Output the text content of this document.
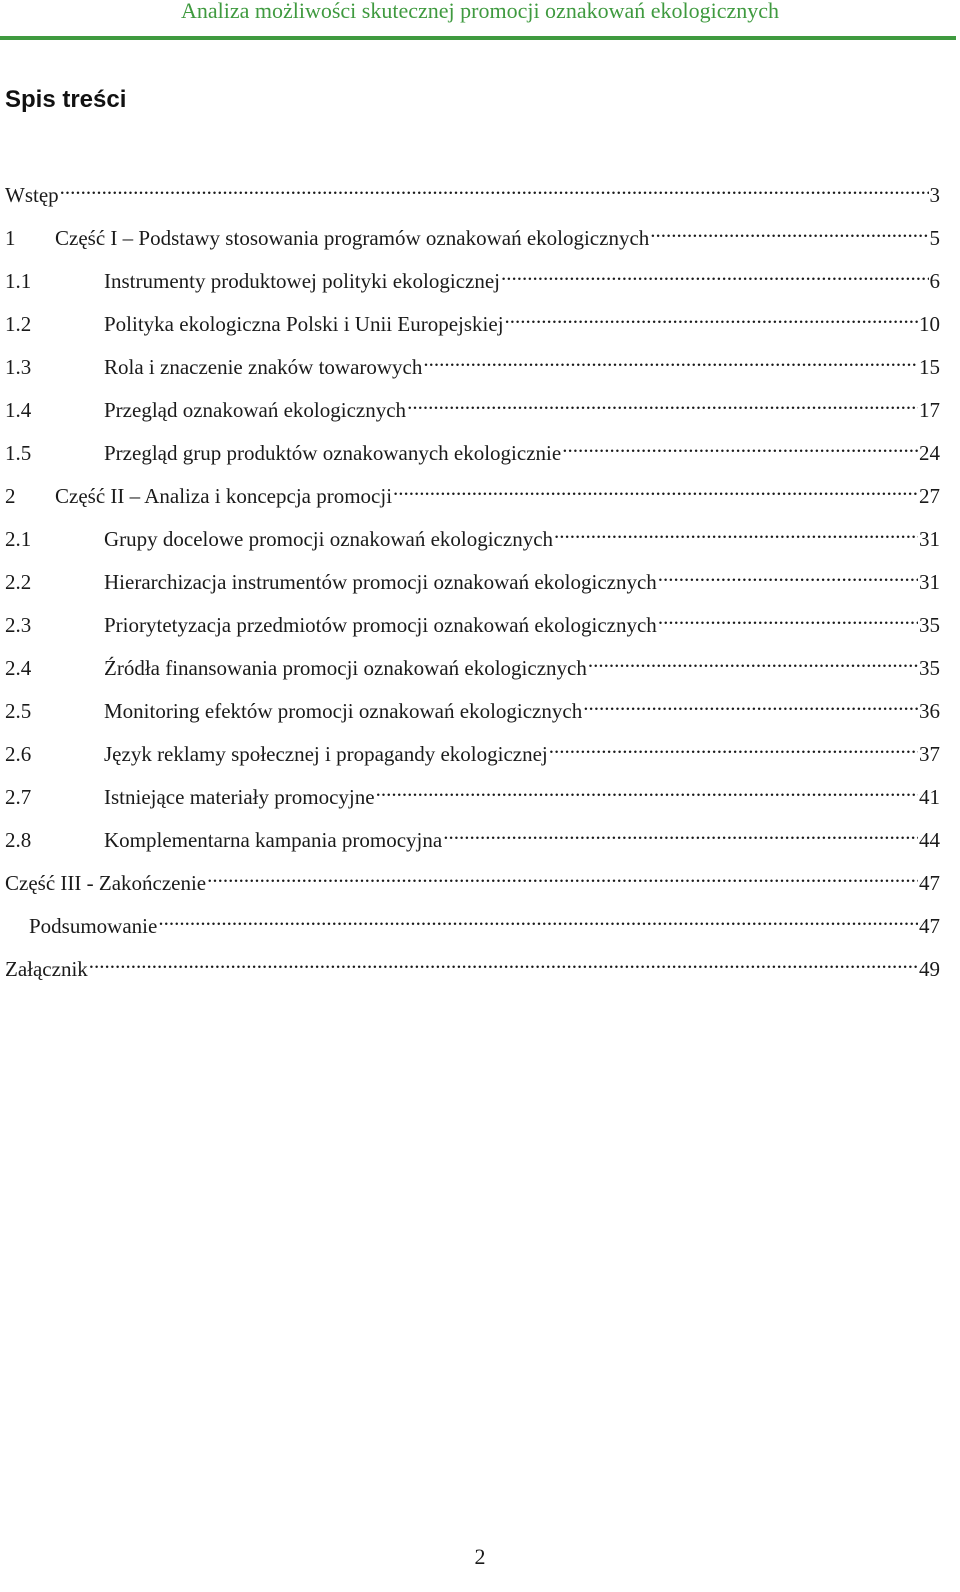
Analiza możliwości skutecznej promocji oznakowań ekologicznych
Spis treści
Wstęp .....	3
1	Część I – Podstawy stosowania programów oznakowań ekologicznych .....	5
1.1	Instrumenty produktowej polityki ekologicznej .....	6
1.2	Polityka ekologiczna Polski i Unii Europejskiej .....	10
1.3	Rola i znaczenie znaków towarowych .....	15
1.4	Przegląd oznakowań ekologicznych .....	17
1.5	Przegląd grup produktów oznakowanych ekologicznie .....	24
2	Część II – Analiza i koncepcja promocji .....	27
2.1	Grupy docelowe promocji oznakowań ekologicznych .....	31
2.2	Hierarchizacja instrumentów promocji oznakowań ekologicznych .....	31
2.3	Priorytetyzacja przedmiotów promocji oznakowań ekologicznych .....	35
2.4	Źródła finansowania promocji oznakowań ekologicznych .....	35
2.5	Monitoring efektów promocji oznakowań ekologicznych .....	36
2.6	Język reklamy społecznej i propagandy ekologicznej .....	37
2.7	Istniejące materiały promocyjne .....	41
2.8	Komplementarna kampania promocyjna .....	44
Część III - Zakończenie .....	47
Podsumowanie .....	47
Załącznik .....	49
2
